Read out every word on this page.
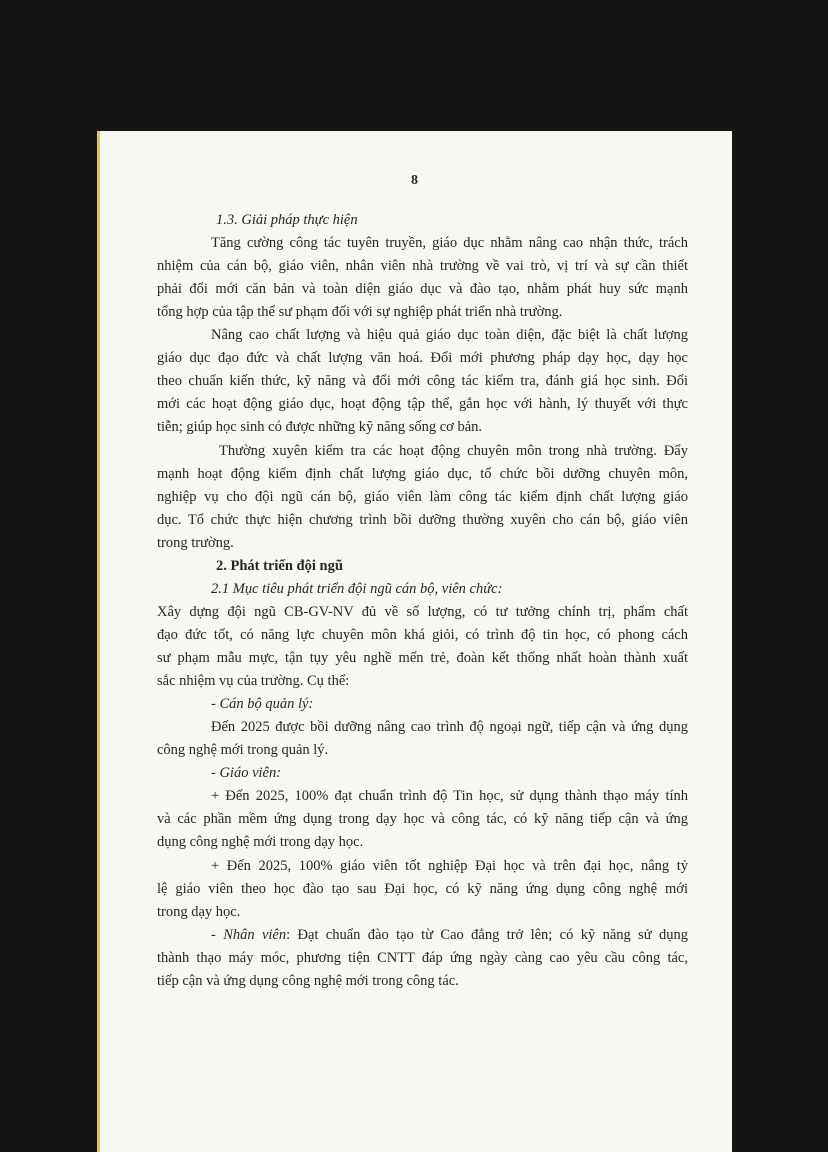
8
1.3. Giải pháp thực hiện
Tăng cường công tác tuyên truyền, giáo dục nhằm nâng cao nhận thức, trách
nhiệm của cán bộ, giáo viên, nhân viên nhà trường về vai trò, vị trí và sự cần thiết
phải đổi mới căn bản và toàn diện giáo dục và đào tạo, nhằm phát huy sức mạnh
tổng hợp của tập thể sư phạm đối với sự nghiệp phát triển nhà trường.
Nâng cao chất lượng và hiệu quả giáo dục toàn diện, đặc biệt là chất lượng
giáo dục đạo đức và chất lượng văn hoá. Đổi mới phương pháp dạy học, dạy học
theo chuẩn kiến thức, kỹ năng và đổi mới công tác kiểm tra, đánh giá học sinh. Đổi
mới các hoạt động giáo dục, hoạt động tập thể, gắn học với hành, lý thuyết với thực
tiễn; giúp học sinh có được những kỹ năng sống cơ bản.
Thường xuyên kiểm tra các hoạt động chuyên môn trong nhà trường. Đẩy
mạnh hoạt động kiểm định chất lượng giáo dục, tổ chức bồi dưỡng chuyên môn,
nghiệp vụ cho đội ngũ cán bộ, giáo viên làm công tác kiểm định chất lượng giáo
dục. Tổ chức thực hiện chương trình bồi dưỡng thường xuyên cho cán bộ, giáo viên
trong trường.
2. Phát triển đội ngũ
2.1 Mục tiêu phát triển đội ngũ cán bộ, viên chức:
Xây dựng đội ngũ CB-GV-NV đủ về số lượng, có tư tưởng chính trị, phẩm chất
đạo đức tốt, có năng lực chuyên môn khá giỏi, có trình độ tin học, có phong cách
sư phạm mẫu mực, tận tụy yêu nghề mến trẻ, đoàn kết thống nhất hoàn thành xuất
sắc nhiệm vụ của trường. Cụ thể:
- Cán bộ quản lý:
Đến 2025 được bồi dưỡng nâng cao trình độ ngoại ngữ, tiếp cận và ứng dụng
công nghệ mới trong quản lý.
- Giáo viên:
+ Đến 2025, 100% đạt chuẩn trình độ Tin học, sử dụng thành thạo máy tính
và các phần mềm ứng dụng trong dạy học và công tác, có kỹ năng tiếp cận và ứng
dụng công nghệ mới trong dạy học.
+ Đến 2025, 100% giáo viên tốt nghiệp Đại học và trên đại học, nâng tỷ
lệ giáo viên theo học đào tạo sau Đại học, có kỹ năng ứng dụng công nghệ mới
trong dạy học.
- Nhân viên: Đạt chuẩn đào tạo từ Cao đẳng trở lên; có kỹ năng sử dụng
thành thạo máy móc, phương tiện CNTT đáp ứng ngày càng cao yêu cầu công tác,
tiếp cận và ứng dụng công nghệ mới trong công tác.
